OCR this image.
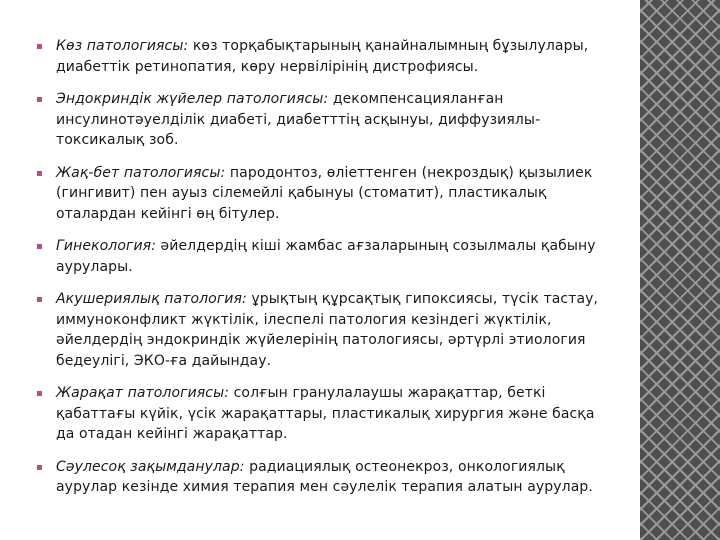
▪ Көз патологиясы: көз торқабықтарының қанайналымның бұзылулары, диабеттік ретинопатия, көру нервілірінің дистрофиясы.
▪ Эндокриндік жүйелер патологиясы: декомпенсацияланған инсулинотәуелділік диабеті, диабетттің асқынуы, диффузиялы-токсикалық зоб.
▪ Жақ-бет патологиясы: пародонтоз, өліеттенген (некроздық) қызылиек (гингивит) пен ауыз сілемейлі қабынуы (стоматит), пластикалық оталардан кейінгі өң бітулер.
▪ Гинекология: әйелдердің кіші жамбас ағзаларының созылмалы қабыну аурулары.
▪ Акушериялық патология: ұрықтың құрсақтық гипоксиясы, түсік тастау, иммуноконфликт жүктілік, ілеспелі патология кезіндегі жүктілік, әйелдердің эндокриндік жүйелерінің патологиясы, әртүрлі этиология бедеулігі, ЭКО-ға дайындау.
▪ Жарақат патологиясы: солғын гранулалаушы жарақаттар, беткі қабаттағы күйік, үсік жарақаттары, пластикалық хирургия және басқа да отадан кейінгі жарақаттар.
▪ Сәулесоқ зақымданулар: радиациялық остеонекроз, онкологиялық аурулар кезінде химия терапия мен сәулелік терапия алатын аурулар.
